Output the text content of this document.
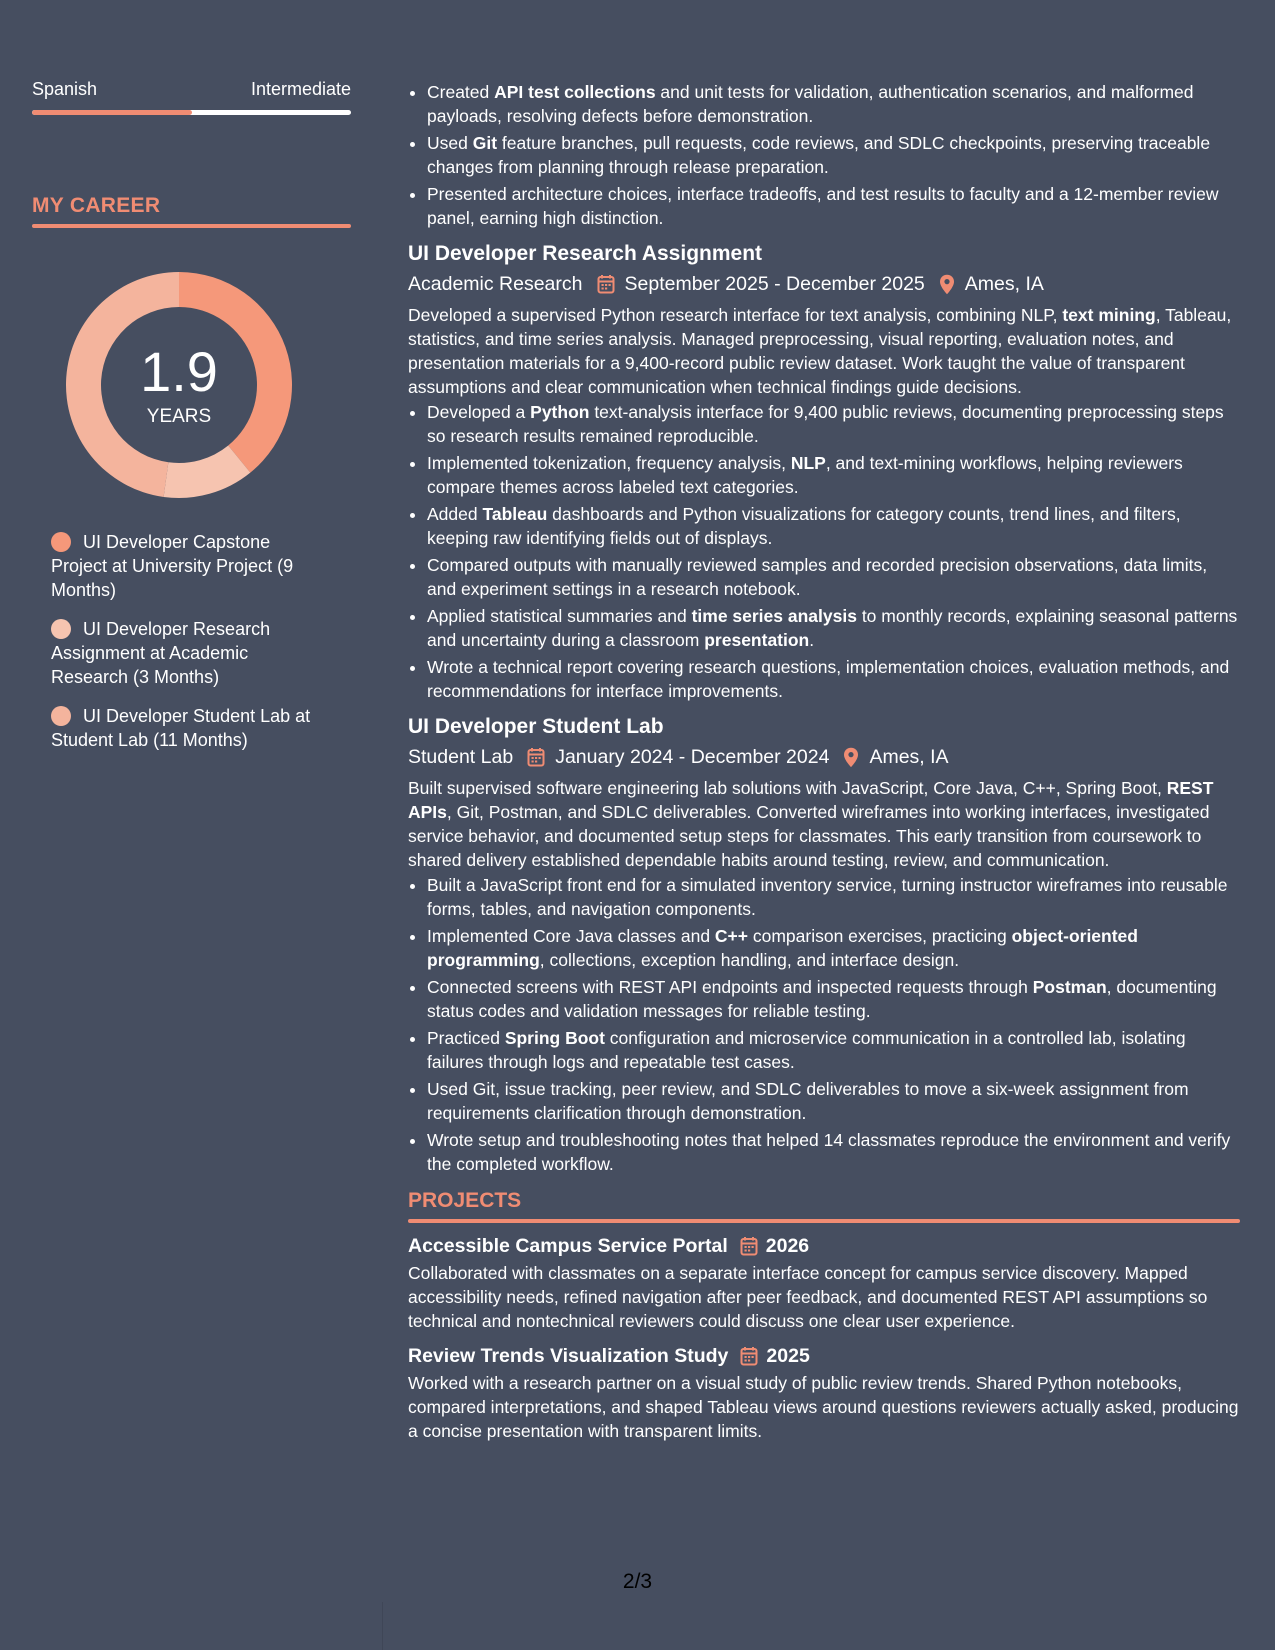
Spanish	Intermediate
MY CAREER
1.9
YEARS
UI Developer Capstone Project at University Project (9 Months)
UI Developer Research Assignment at Academic Research (3 Months)
UI Developer Student Lab at Student Lab (11 Months)
• Created API test collections and unit tests for validation, authentication scenarios, and malformed payloads, resolving defects before demonstration.
• Used Git feature branches, pull requests, code reviews, and SDLC checkpoints, preserving traceable changes from planning through release preparation.
• Presented architecture choices, interface tradeoffs, and test results to faculty and a 12-member review panel, earning high distinction.
UI Developer Research Assignment
Academic Research September 2025 - December 2025 Ames, IA
Developed a supervised Python research interface for text analysis, combining NLP, text mining, Tableau, statistics, and time series analysis. Managed preprocessing, visual reporting, evaluation notes, and presentation materials for a 9,400-record public review dataset. Work taught the value of transparent assumptions and clear communication when technical findings guide decisions.
• Developed a Python text-analysis interface for 9,400 public reviews, documenting preprocessing steps so research results remained reproducible.
• Implemented tokenization, frequency analysis, NLP, and text-mining workflows, helping reviewers compare themes across labeled text categories.
• Added Tableau dashboards and Python visualizations for category counts, trend lines, and filters, keeping raw identifying fields out of displays.
• Compared outputs with manually reviewed samples and recorded precision observations, data limits, and experiment settings in a research notebook.
• Applied statistical summaries and time series analysis to monthly records, explaining seasonal patterns and uncertainty during a classroom presentation.
• Wrote a technical report covering research questions, implementation choices, evaluation methods, and recommendations for interface improvements.
UI Developer Student Lab
Student Lab January 2024 - December 2024 Ames, IA
Built supervised software engineering lab solutions with JavaScript, Core Java, C++, Spring Boot, REST APIs, Git, Postman, and SDLC deliverables. Converted wireframes into working interfaces, investigated service behavior, and documented setup steps for classmates. This early transition from coursework to shared delivery established dependable habits around testing, review, and communication.
• Built a JavaScript front end for a simulated inventory service, turning instructor wireframes into reusable forms, tables, and navigation components.
• Implemented Core Java classes and C++ comparison exercises, practicing object-oriented programming, collections, exception handling, and interface design.
• Connected screens with REST API endpoints and inspected requests through Postman, documenting status codes and validation messages for reliable testing.
• Practiced Spring Boot configuration and microservice communication in a controlled lab, isolating failures through logs and repeatable test cases.
• Used Git, issue tracking, peer review, and SDLC deliverables to move a six-week assignment from requirements clarification through demonstration.
• Wrote setup and troubleshooting notes that helped 14 classmates reproduce the environment and verify the completed workflow.
PROJECTS
Accessible Campus Service Portal 2026
Collaborated with classmates on a separate interface concept for campus service discovery. Mapped accessibility needs, refined navigation after peer feedback, and documented REST API assumptions so technical and nontechnical reviewers could discuss one clear user experience.
Review Trends Visualization Study 2025
Worked with a research partner on a visual study of public review trends. Shared Python notebooks, compared interpretations, and shaped Tableau views around questions reviewers actually asked, producing a concise presentation with transparent limits.
2/3
